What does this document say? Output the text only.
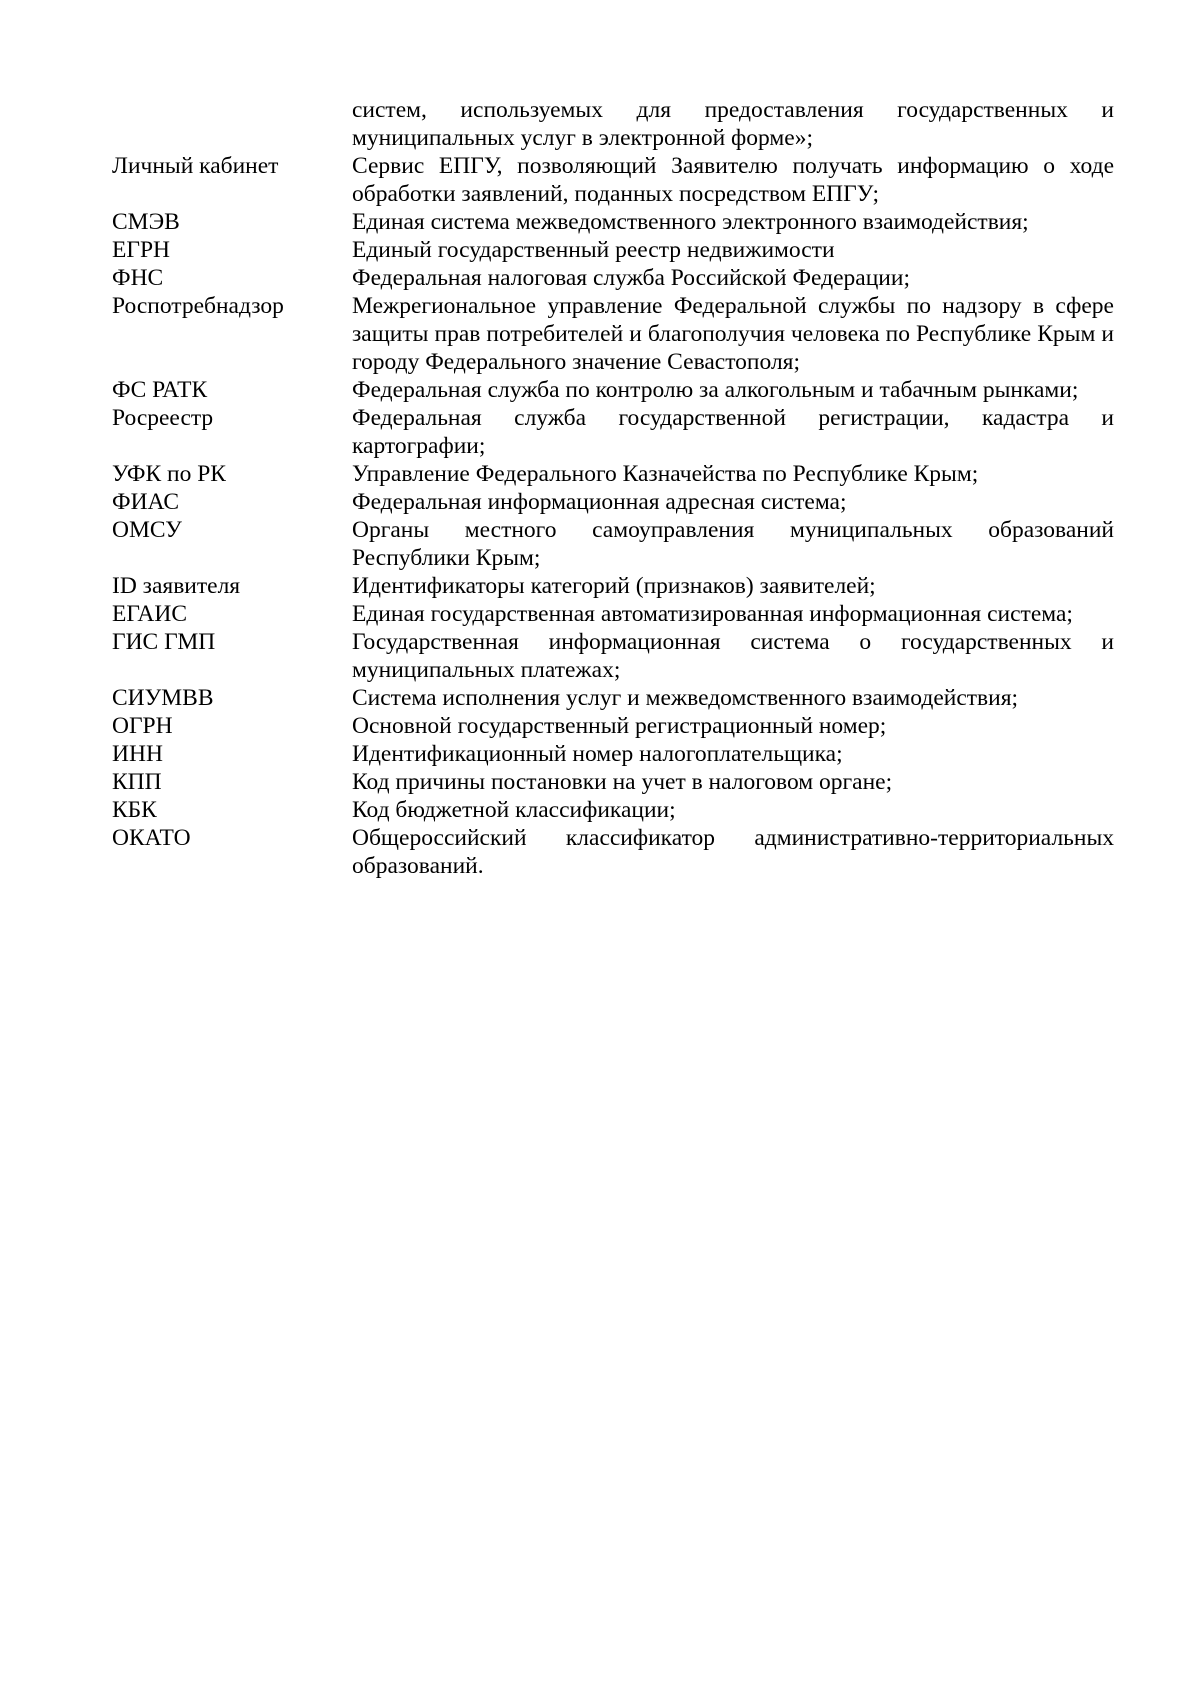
	систем, используемых для предоставления государственных и муниципальных услуг в электронной форме»;
Личный кабинет	Сервис ЕПГУ, позволяющий Заявителю получать информацию о ходе обработки заявлений, поданных посредством ЕПГУ;
СМЭВ	Единая система межведомственного электронного взаимодействия;
ЕГРН	Единый государственный реестр недвижимости
ФНС	Федеральная налоговая служба Российской Федерации;
Роспотребнадзор	Межрегиональное управление Федеральной службы по надзору в сфере защиты прав потребителей и благополучия человека по Республике Крым и городу Федерального значение Севастополя;
ФС РАТК	Федеральная служба по контролю за алкогольным и табачным рынками;
Росреестр	Федеральная служба государственной регистрации, кадастра и картографии;
УФК по РК	Управление Федерального Казначейства по Республике Крым;
ФИАС	Федеральная информационная адресная система;
ОМСУ	Органы местного самоуправления муниципальных образований Республики Крым;
ID заявителя	Идентификаторы категорий (признаков) заявителей;
ЕГАИС	Единая государственная автоматизированная информационная система;
ГИС ГМП	Государственная информационная система о государственных и муниципальных платежах;
СИУМВВ	Система исполнения услуг и межведомственного взаимодействия;
ОГРН	Основной государственный регистрационный номер;
ИНН	Идентификационный номер налогоплательщика;
КПП	Код причины постановки на учет в налоговом органе;
КБК	Код бюджетной классификации;
ОКАТО	Общероссийский классификатор административно-территориальных образований.
